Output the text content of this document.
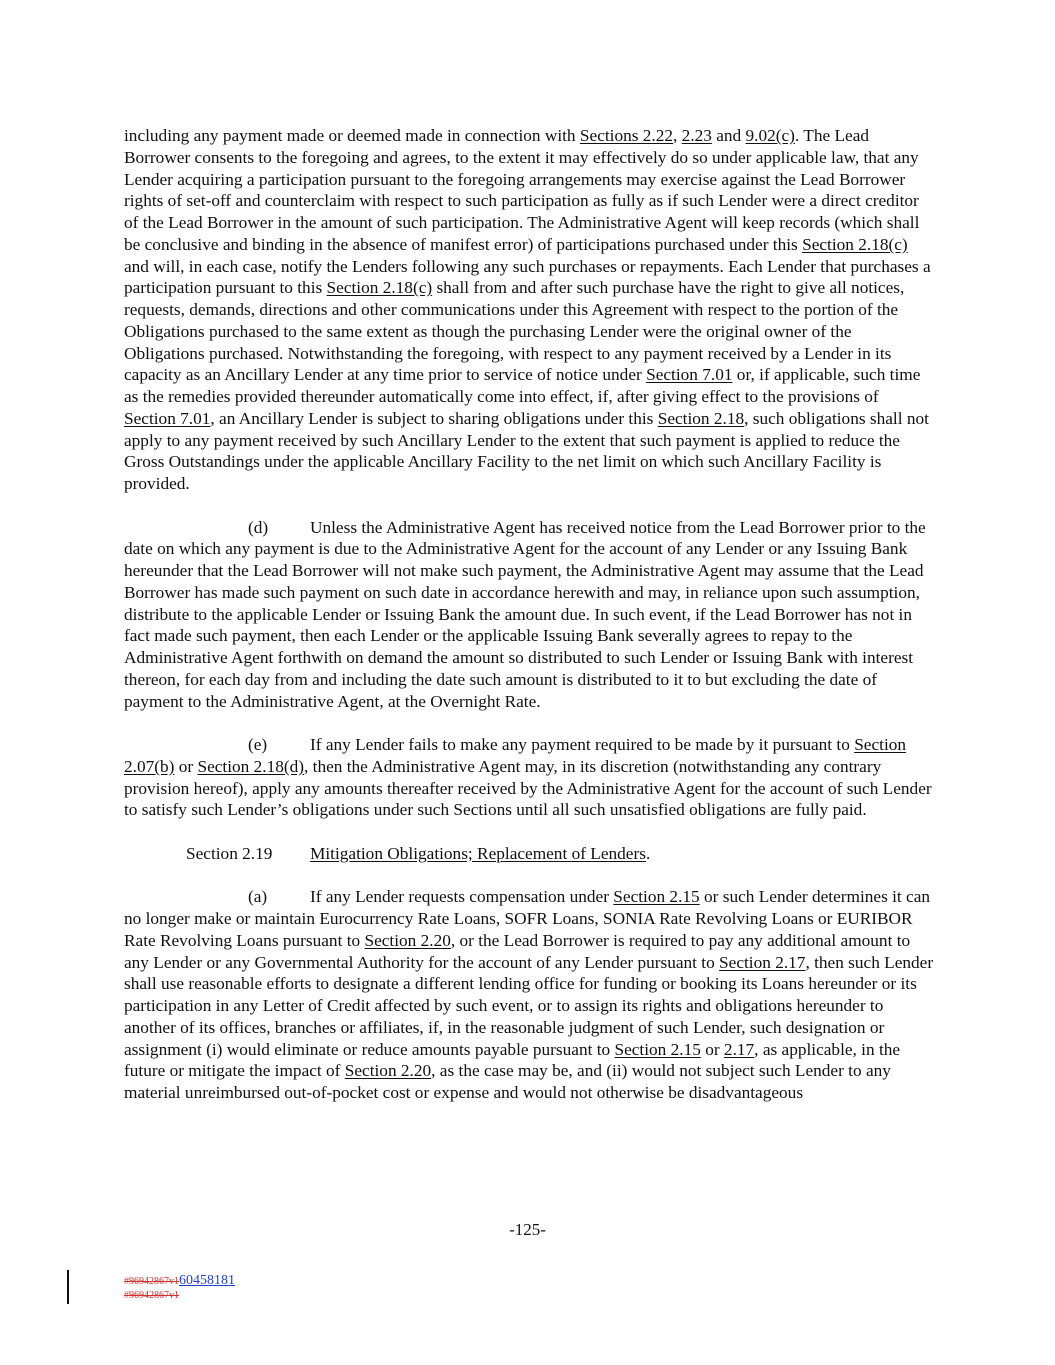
including any payment made or deemed made in connection with Sections 2.22, 2.23 and 9.02(c). The Lead Borrower consents to the foregoing and agrees, to the extent it may effectively do so under applicable law, that any Lender acquiring a participation pursuant to the foregoing arrangements may exercise against the Lead Borrower rights of set-off and counterclaim with respect to such participation as fully as if such Lender were a direct creditor of the Lead Borrower in the amount of such participation. The Administrative Agent will keep records (which shall be conclusive and binding in the absence of manifest error) of participations purchased under this Section 2.18(c) and will, in each case, notify the Lenders following any such purchases or repayments. Each Lender that purchases a participation pursuant to this Section 2.18(c) shall from and after such purchase have the right to give all notices, requests, demands, directions and other communications under this Agreement with respect to the portion of the Obligations purchased to the same extent as though the purchasing Lender were the original owner of the Obligations purchased. Notwithstanding the foregoing, with respect to any payment received by a Lender in its capacity as an Ancillary Lender at any time prior to service of notice under Section 7.01 or, if applicable, such time as the remedies provided thereunder automatically come into effect, if, after giving effect to the provisions of Section 7.01, an Ancillary Lender is subject to sharing obligations under this Section 2.18, such obligations shall not apply to any payment received by such Ancillary Lender to the extent that such payment is applied to reduce the Gross Outstandings under the applicable Ancillary Facility to the net limit on which such Ancillary Facility is provided.

(d) Unless the Administrative Agent has received notice from the Lead Borrower prior to the date on which any payment is due to the Administrative Agent for the account of any Lender or any Issuing Bank hereunder that the Lead Borrower will not make such payment, the Administrative Agent may assume that the Lead Borrower has made such payment on such date in accordance herewith and may, in reliance upon such assumption, distribute to the applicable Lender or Issuing Bank the amount due. In such event, if the Lead Borrower has not in fact made such payment, then each Lender or the applicable Issuing Bank severally agrees to repay to the Administrative Agent forthwith on demand the amount so distributed to such Lender or Issuing Bank with interest thereon, for each day from and including the date such amount is distributed to it to but excluding the date of payment to the Administrative Agent, at the Overnight Rate.

(e) If any Lender fails to make any payment required to be made by it pursuant to Section 2.07(b) or Section 2.18(d), then the Administrative Agent may, in its discretion (notwithstanding any contrary provision hereof), apply any amounts thereafter received by the Administrative Agent for the account of such Lender to satisfy such Lender’s obligations under such Sections until all such unsatisfied obligations are fully paid.

Section 2.19 Mitigation Obligations; Replacement of Lenders.

(a) If any Lender requests compensation under Section 2.15 or such Lender determines it can no longer make or maintain Eurocurrency Rate Loans, SOFR Loans, SONIA Rate Revolving Loans or EURIBOR Rate Revolving Loans pursuant to Section 2.20, or the Lead Borrower is required to pay any additional amount to any Lender or any Governmental Authority for the account of any Lender pursuant to Section 2.17, then such Lender shall use reasonable efforts to designate a different lending office for funding or booking its Loans hereunder or its participation in any Letter of Credit affected by such event, or to assign its rights and obligations hereunder to another of its offices, branches or affiliates, if, in the reasonable judgment of such Lender, such designation or assignment (i) would eliminate or reduce amounts payable pursuant to Section 2.15 or 2.17, as applicable, in the future or mitigate the impact of Section 2.20, as the case may be, and (ii) would not subject such Lender to any material unreimbursed out-of-pocket cost or expense and would not otherwise be disadvantageous

-125-
#96942867v160458181
#96942867v1
